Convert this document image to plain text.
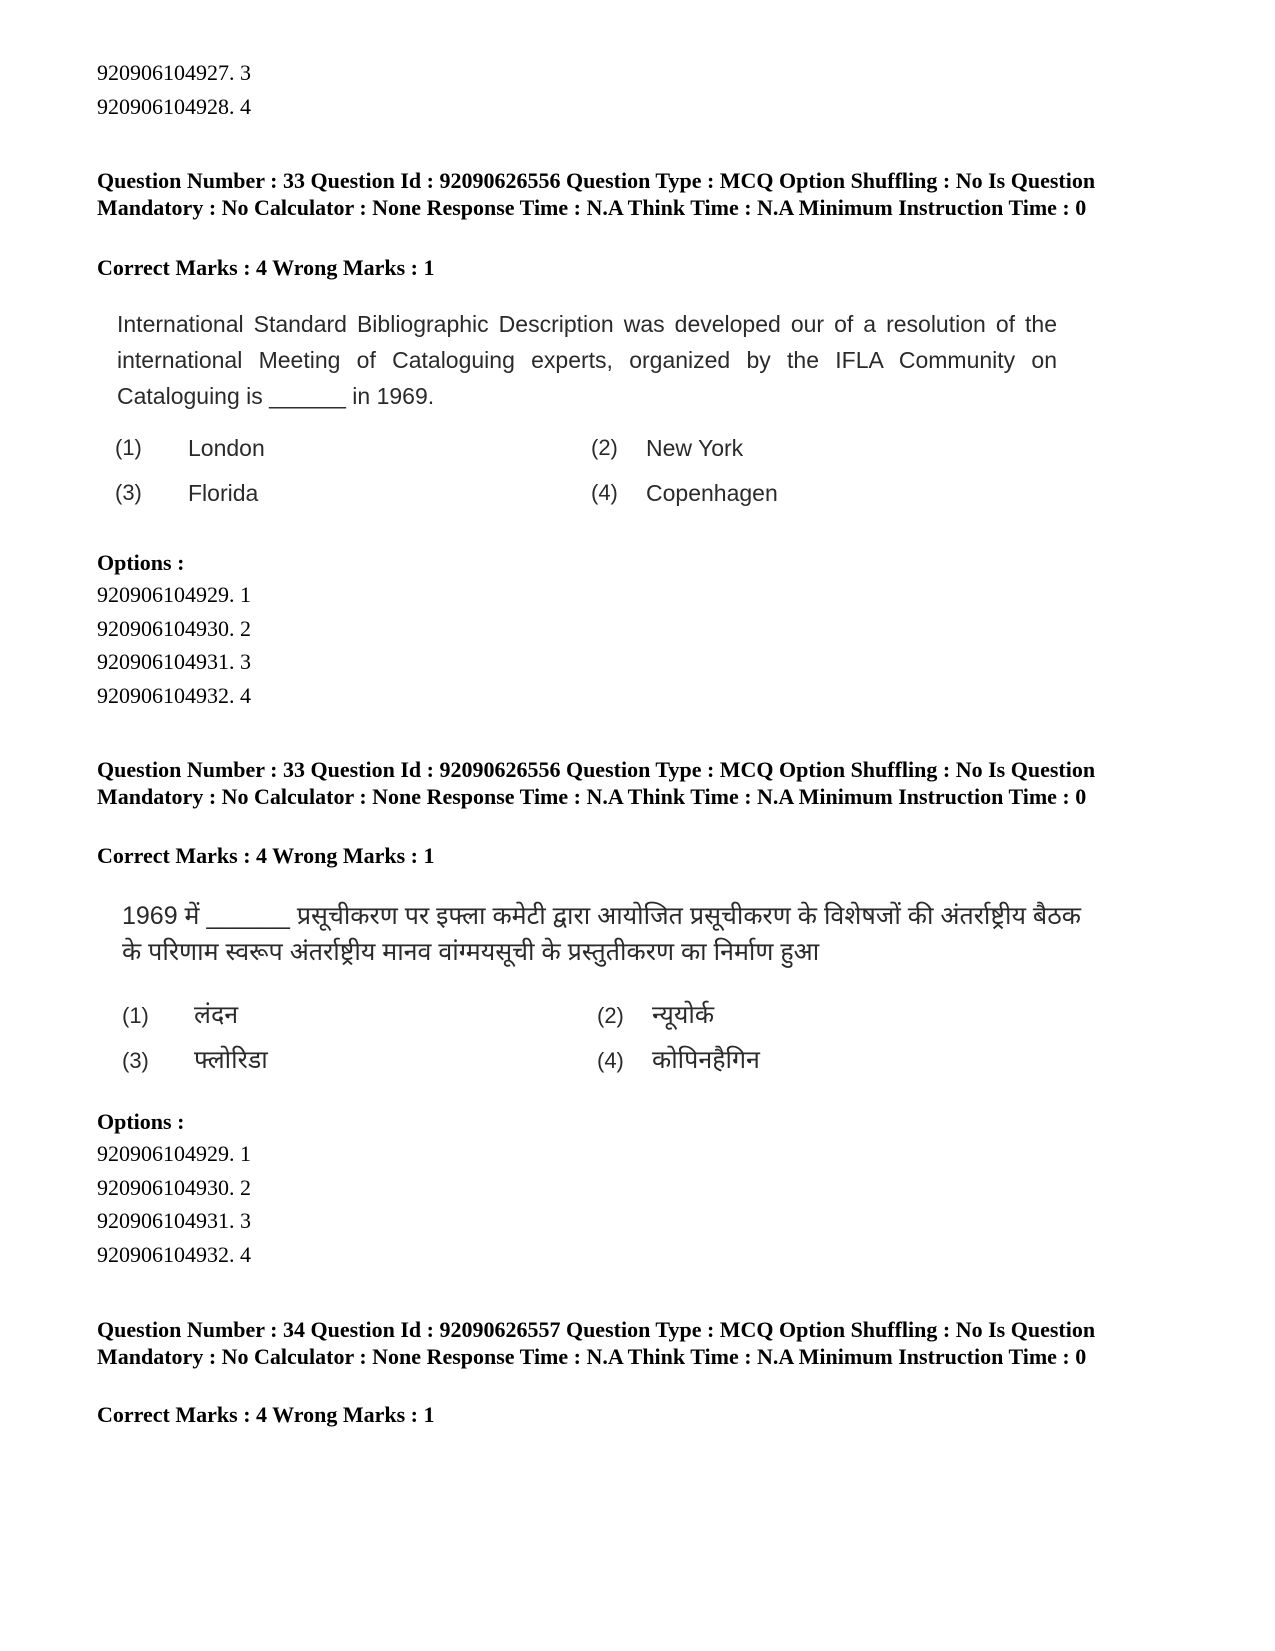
920906104927. 3
920906104928. 4
Question Number : 33 Question Id : 92090626556 Question Type : MCQ Option Shuffling : No Is Question Mandatory : No Calculator : None Response Time : N.A Think Time : N.A Minimum Instruction Time : 0
Correct Marks : 4 Wrong Marks : 1
International Standard Bibliographic Description was developed our of a resolution of the international Meeting of Cataloguing experts, organized by the IFLA Community on Cataloguing is ______ in 1969.
(1) London	(2) New York
(3) Florida	(4) Copenhagen
Options :
920906104929. 1
920906104930. 2
920906104931. 3
920906104932. 4
Question Number : 33 Question Id : 92090626556 Question Type : MCQ Option Shuffling : No Is Question Mandatory : No Calculator : None Response Time : N.A Think Time : N.A Minimum Instruction Time : 0
Correct Marks : 4 Wrong Marks : 1
1969 में ______ प्रसूचीकरण पर इफ्ला कमेटी द्वारा आयोजित प्रसूचीकरण के विशेषजों की अंतर्राष्ट्रीय बैठक के परिणाम स्वरूप अंतर्राष्ट्रीय मानव वांग्मयसूची के प्रस्तुतीकरण का निर्माण हुआ
(1) लंदन	(2) न्यूयोर्क
(3) फ्लोरिडा	(4) कोपिनहैगिन
Options :
920906104929. 1
920906104930. 2
920906104931. 3
920906104932. 4
Question Number : 34 Question Id : 92090626557 Question Type : MCQ Option Shuffling : No Is Question Mandatory : No Calculator : None Response Time : N.A Think Time : N.A Minimum Instruction Time : 0
Correct Marks : 4 Wrong Marks : 1
